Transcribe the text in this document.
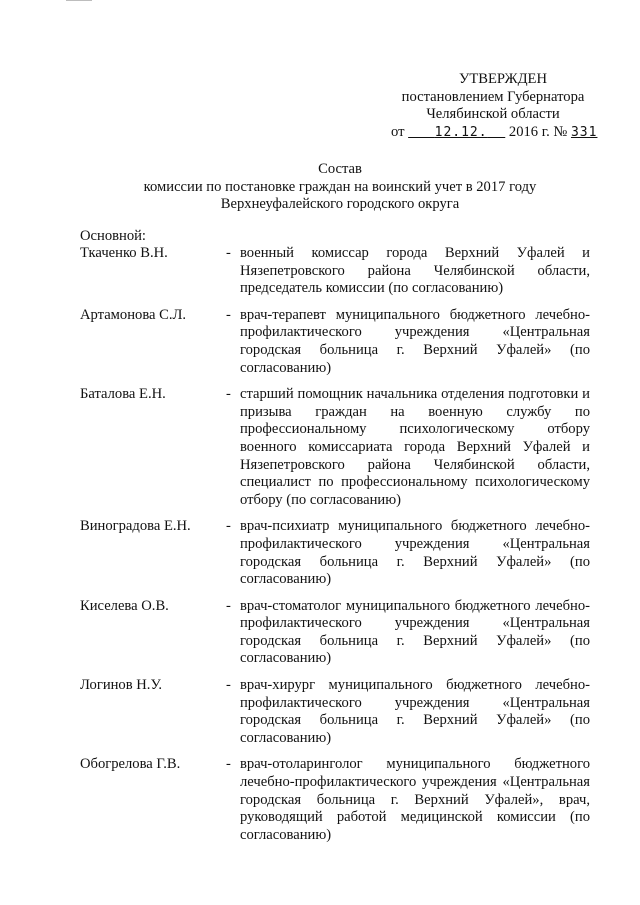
УТВЕРЖДЕН
постановлением Губернатора
Челябинской области
от 12.12. 2016 г. № 331
Состав
комиссии по постановке граждан на воинский учет в 2017 году
Верхнеуфалейского городского округа
Основной:
Ткаченко В.Н.	- военный комиссар города Верхний Уфалей и Нязепетровского района Челябинской области, председатель комиссии (по согласованию)
Артамонова С.Л.	- врач-терапевт муниципального бюджетного лечебно-профилактического учреждения «Центральная городская больница г. Верхний Уфалей» (по согласованию)
Баталова Е.Н.	- старший помощник начальника отделения подготовки и призыва граждан на военную службу по профессиональному психологическому отбору военного комиссариата города Верхний Уфалей и Нязепетровского района Челябинской области, специалист по профессиональному психологическому отбору (по согласованию)
Виноградова Е.Н.	- врач-психиатр муниципального бюджетного лечебно-профилактического учреждения «Центральная городская больница г. Верхний Уфалей» (по согласованию)
Киселева О.В.	- врач-стоматолог муниципального бюджетного лечебно-профилактического учреждения «Центральная городская больница г. Верхний Уфалей» (по согласованию)
Логинов Н.У.	- врач-хирург муниципального бюджетного лечебно-профилактического учреждения «Центральная городская больница г. Верхний Уфалей» (по согласованию)
Обогрелова Г.В.	- врач-отоларинголог муниципального бюджетного лечебно-профилактического учреждения «Центральная городская больница г. Верхний Уфалей», врач, руководящий работой медицинской комиссии (по согласованию)
